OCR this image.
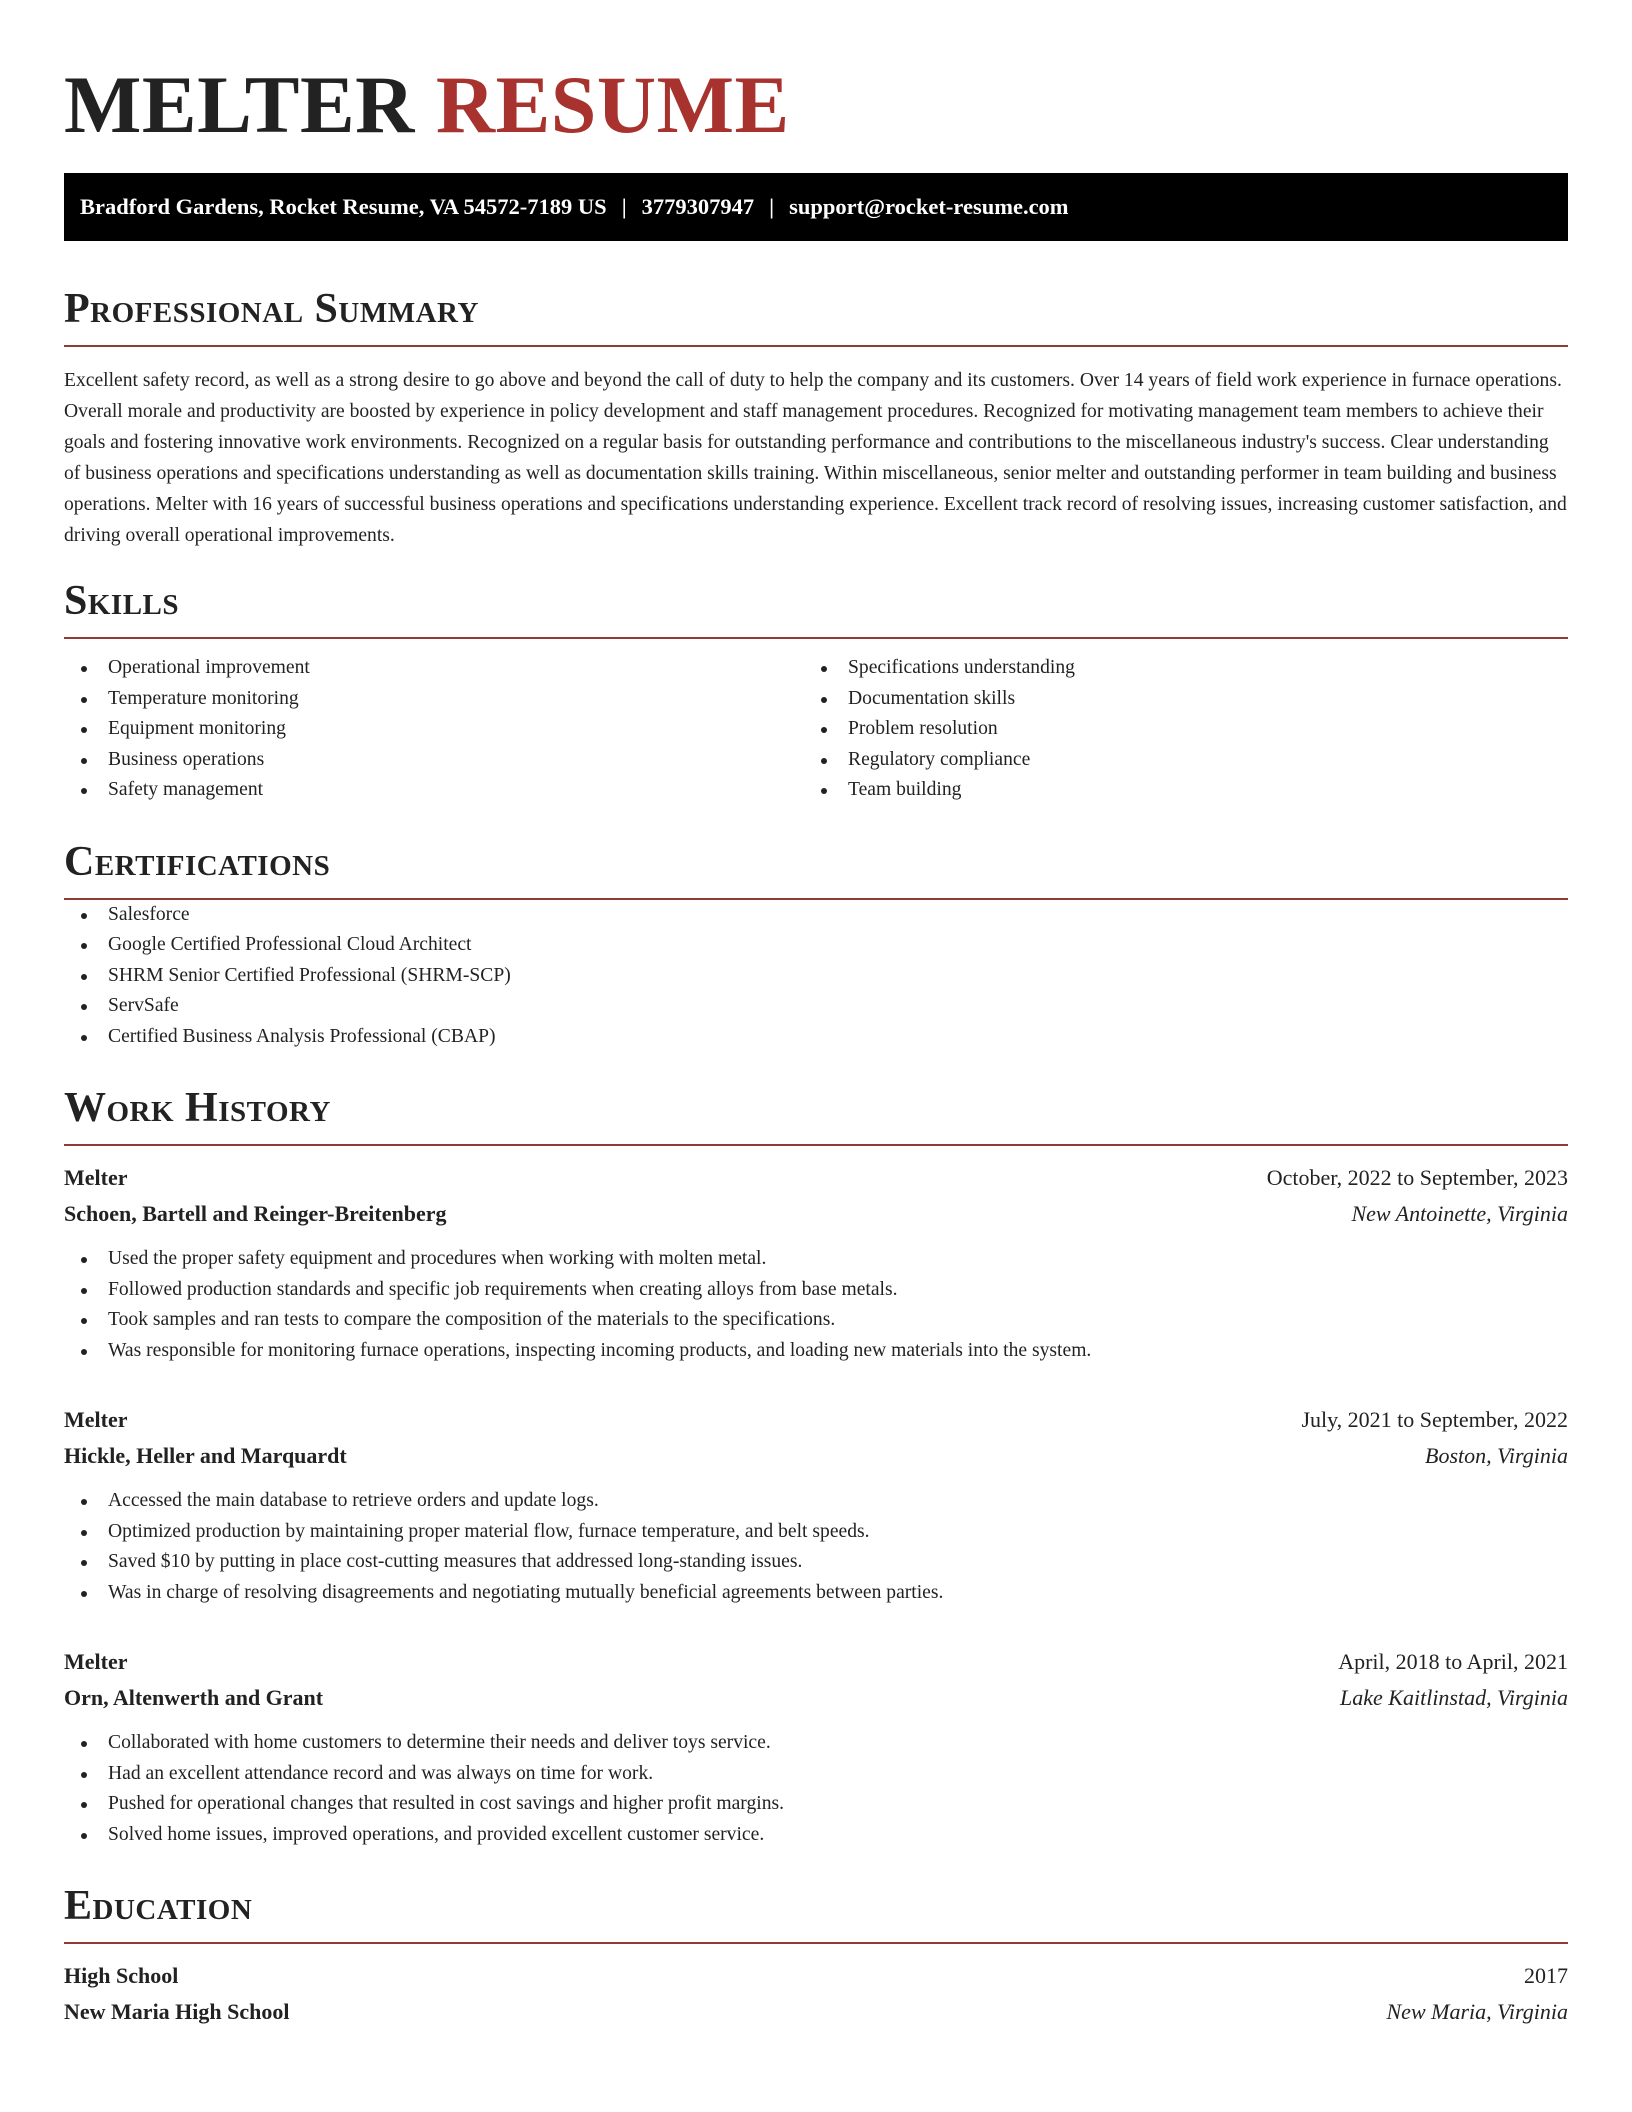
MELTER RESUME
Bradford Gardens, Rocket Resume, VA 54572-7189 US | 3779307947 | support@rocket-resume.com
Professional Summary

Excellent safety record, as well as a strong desire to go above and beyond the call of duty to help the company and its customers. Over 14 years of field work experience in furnace operations. Overall morale and productivity are boosted by experience in policy development and staff management procedures. Recognized for motivating management team members to achieve their goals and fostering innovative work environments. Recognized on a regular basis for outstanding performance and contributions to the miscellaneous industry's success. Clear understanding of business operations and specifications understanding as well as documentation skills training. Within miscellaneous, senior melter and outstanding performer in team building and business operations. Melter with 16 years of successful business operations and specifications understanding experience. Excellent track record of resolving issues, increasing customer satisfaction, and driving overall operational improvements.

Skills
Operational improvement
Temperature monitoring
Equipment monitoring
Business operations
Safety management
Specifications understanding
Documentation skills
Problem resolution
Regulatory compliance
Team building
Certifications
Salesforce
Google Certified Professional Cloud Architect
SHRM Senior Certified Professional (SHRM-SCP)
ServSafe
Certified Business Analysis Professional (CBAP)
Work History
Melter	October, 2022 to September, 2023
Schoen, Bartell and Reinger-Breitenberg	New Antoinette, Virginia
Used the proper safety equipment and procedures when working with molten metal.
Followed production standards and specific job requirements when creating alloys from base metals.
Took samples and ran tests to compare the composition of the materials to the specifications.
Was responsible for monitoring furnace operations, inspecting incoming products, and loading new materials into the system.
Melter	July, 2021 to September, 2022
Hickle, Heller and Marquardt	Boston, Virginia
Accessed the main database to retrieve orders and update logs.
Optimized production by maintaining proper material flow, furnace temperature, and belt speeds.
Saved $10 by putting in place cost-cutting measures that addressed long-standing issues.
Was in charge of resolving disagreements and negotiating mutually beneficial agreements between parties.
Melter	April, 2018 to April, 2021
Orn, Altenwerth and Grant	Lake Kaitlinstad, Virginia
Collaborated with home customers to determine their needs and deliver toys service.
Had an excellent attendance record and was always on time for work.
Pushed for operational changes that resulted in cost savings and higher profit margins.
Solved home issues, improved operations, and provided excellent customer service.
Education
High School	2017
New Maria High School	New Maria, Virginia
